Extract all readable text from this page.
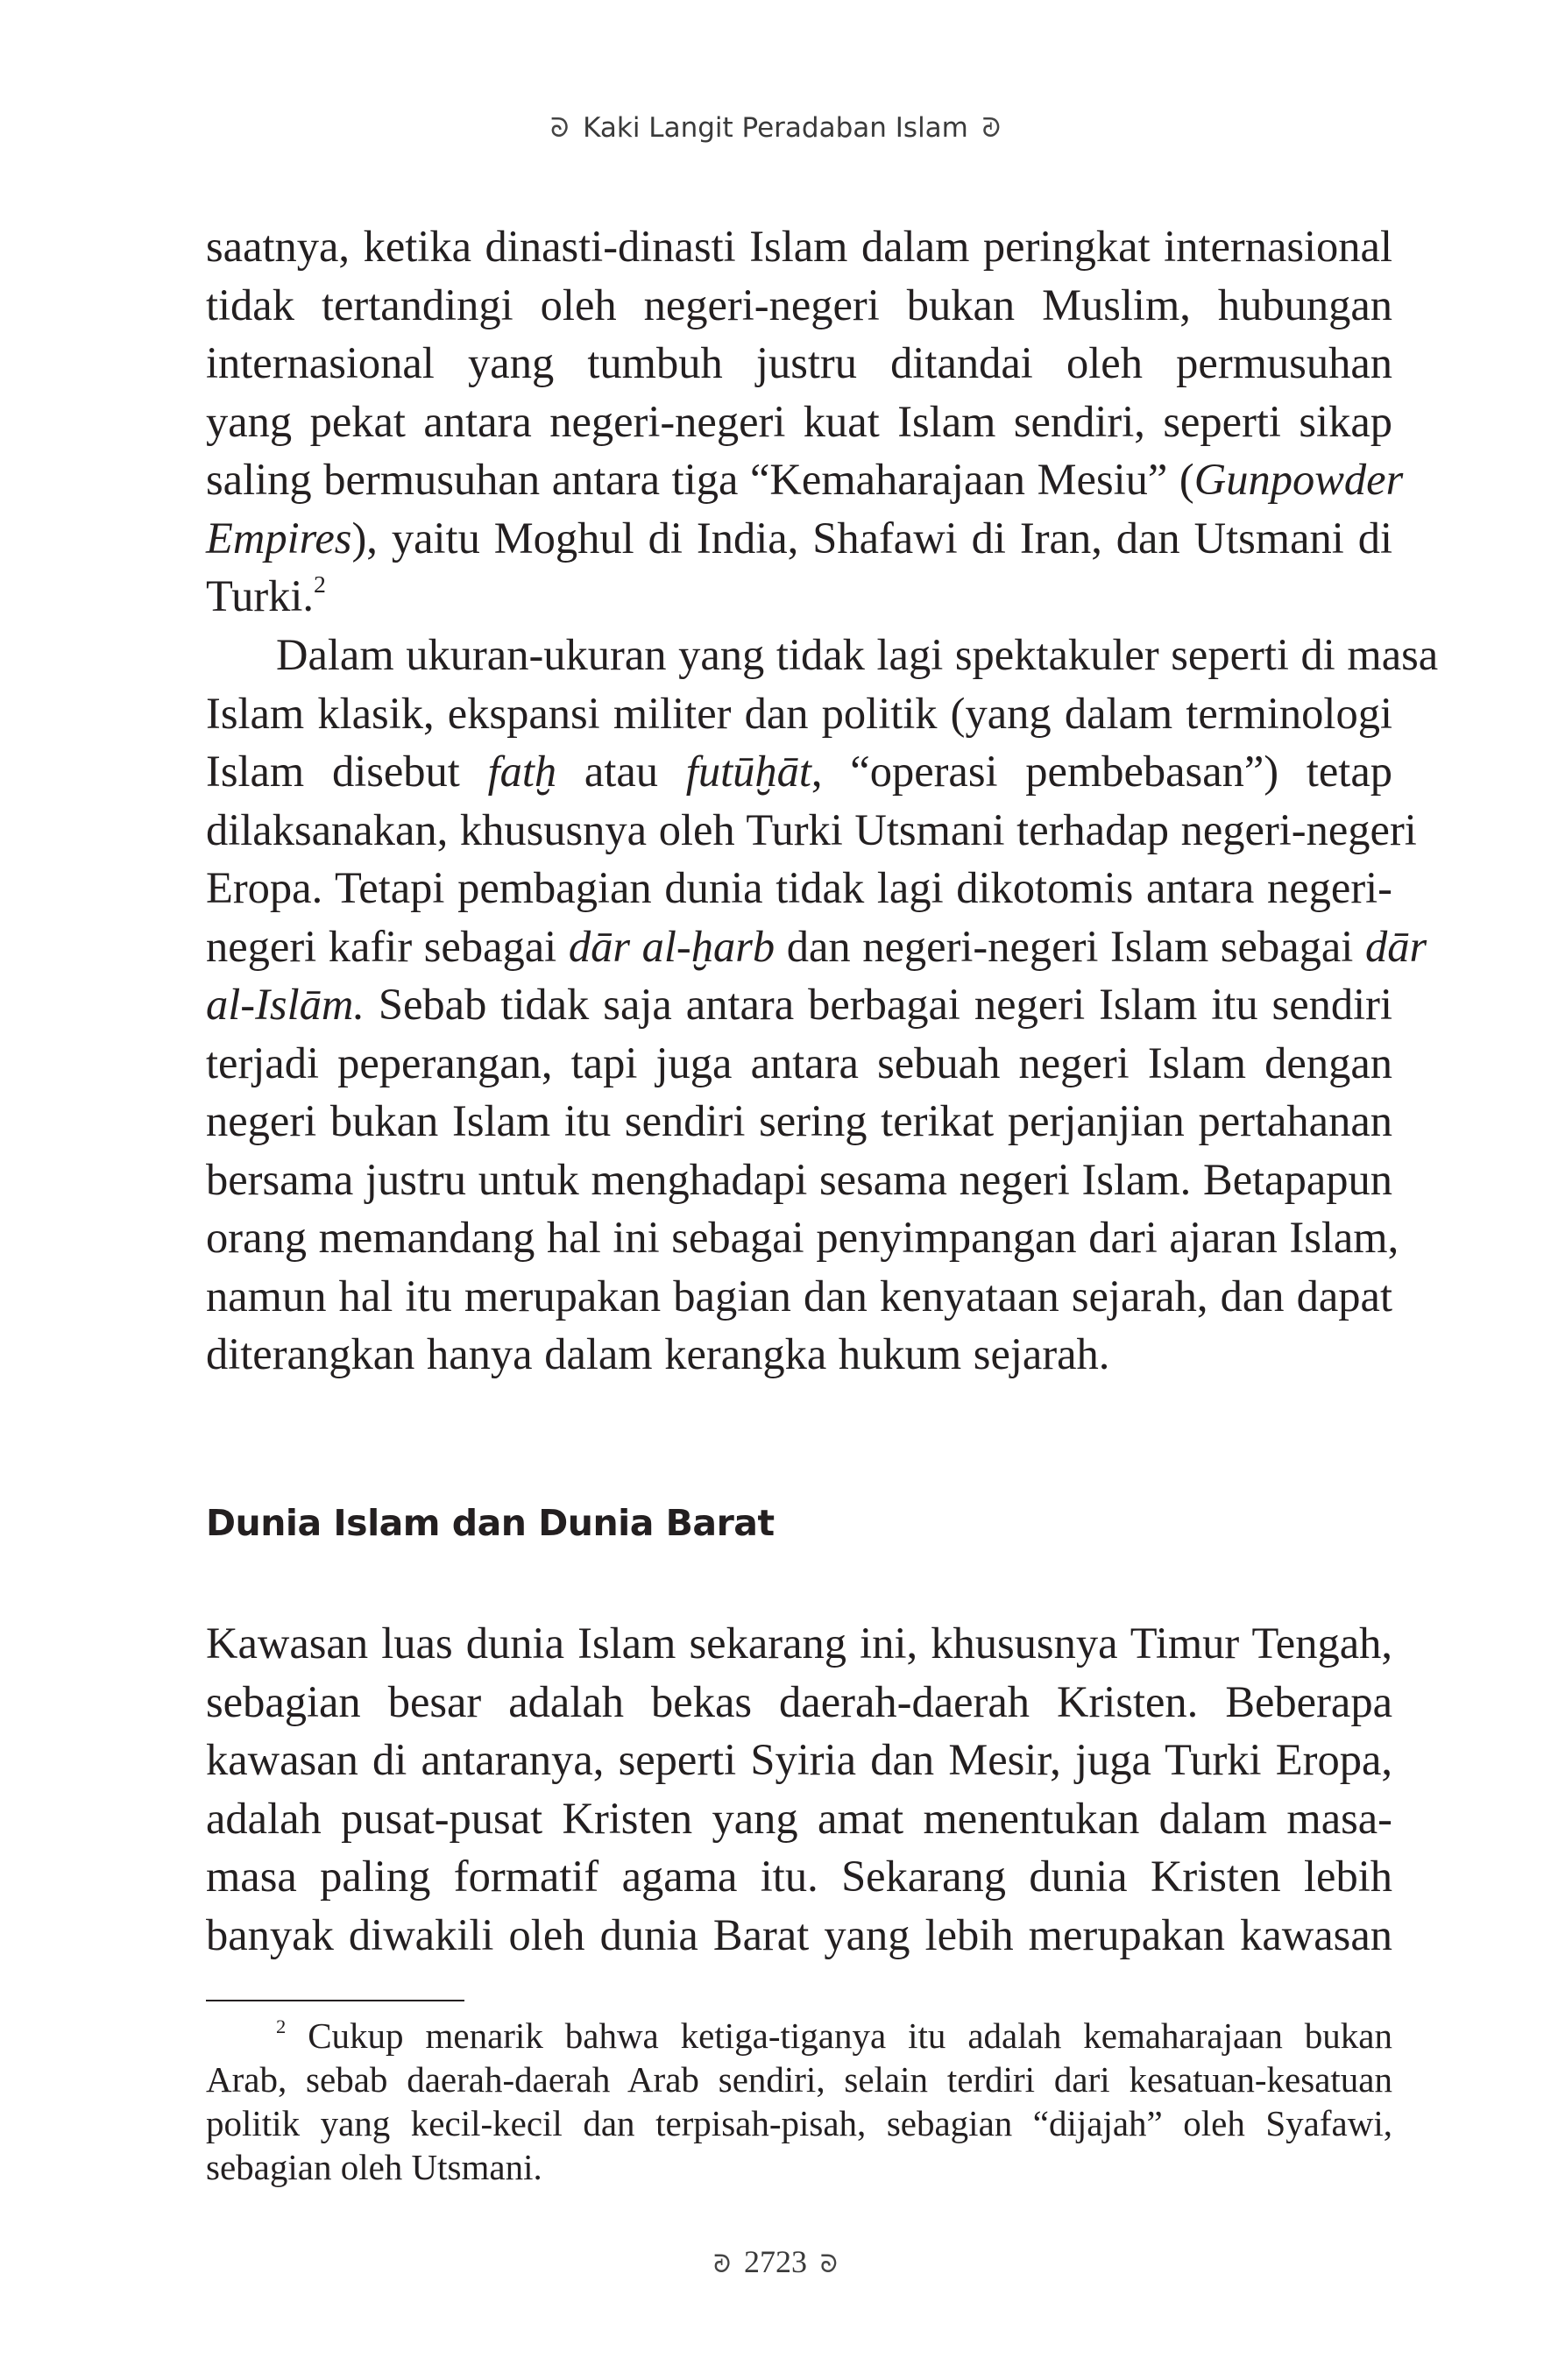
ᘐ Kaki Langit Peradaban Islam ᘑ
saatnya, ketika dinasti-dinasti Islam dalam peringkat internasional
tidak tertandingi oleh negeri-negeri bukan Muslim, hubungan
internasional yang tumbuh justru ditandai oleh permusuhan
yang pekat antara negeri-negeri kuat Islam sendiri, seperti sikap
saling bermusuhan antara tiga “Kemaharajaan Mesiu” (Gunpowder
Empires), yaitu Moghul di India, Shafawi di Iran, dan Utsmani di
Turki.$^2$
Dalam ukuran-ukuran yang tidak lagi spektakuler seperti di masa
Islam klasik, ekspansi militer dan politik (yang dalam terminologi
Islam disebut fatḫ atau futūḫāt, “operasi pembebasan”) tetap
dilaksanakan, khususnya oleh Turki Utsmani terhadap negeri-negeri
Eropa. Tetapi pembagian dunia tidak lagi dikotomis antara negeri-
negeri kafir sebagai dār al-ḫarb dan negeri-negeri Islam sebagai dār
al-Islām. Sebab tidak saja antara berbagai negeri Islam itu sendiri
terjadi peperangan, tapi juga antara sebuah negeri Islam dengan
negeri bukan Islam itu sendiri sering terikat perjanjian pertahanan
bersama justru untuk menghadapi sesama negeri Islam. Betapapun
orang memandang hal ini sebagai penyimpangan dari ajaran Islam,
namun hal itu merupakan bagian dan kenyataan sejarah, dan dapat
diterangkan hanya dalam kerangka hukum sejarah.
Dunia Islam dan Dunia Barat
Kawasan luas dunia Islam sekarang ini, khususnya Timur Tengah,
sebagian besar adalah bekas daerah-daerah Kristen. Beberapa
kawasan di antaranya, seperti Syiria dan Mesir, juga Turki Eropa,
adalah pusat-pusat Kristen yang amat menentukan dalam masa-
masa paling formatif agama itu. Sekarang dunia Kristen lebih
banyak diwakili oleh dunia Barat yang lebih merupakan kawasan
$^2$ Cukup menarik bahwa ketiga-tiganya itu adalah kemaharajaan bukan
Arab, sebab daerah-daerah Arab sendiri, selain terdiri dari kesatuan-kesatuan
politik yang kecil-kecil dan terpisah-pisah, sebagian “dijajah” oleh Syafawi,
sebagian oleh Utsmani.
ᘑ 2723 ᘐ
